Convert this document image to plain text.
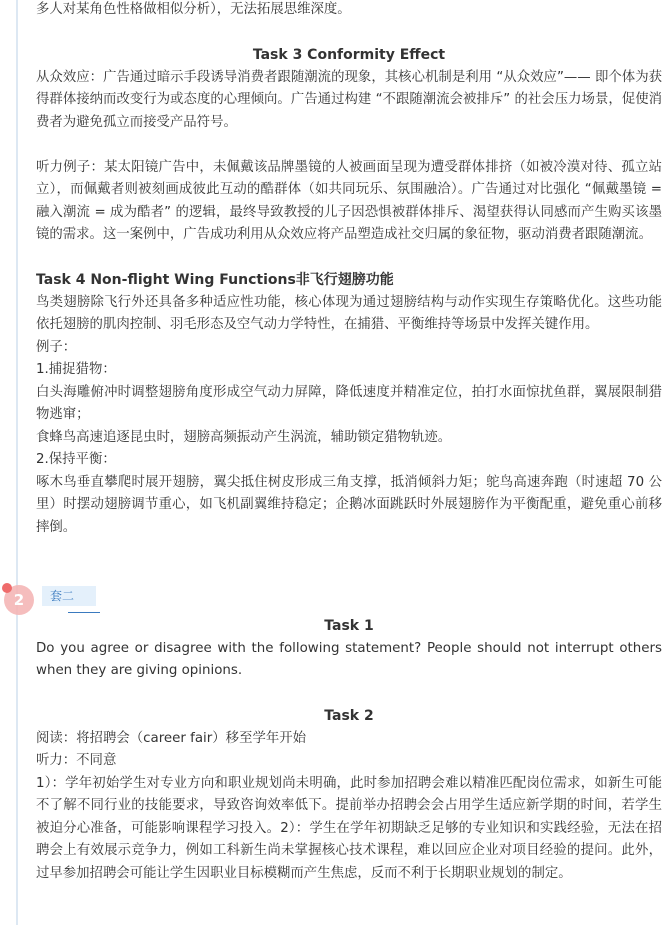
多人对某角色性格做相似分析），无法拓展思维深度。

Task 3 Conformity Effect

从众效应：广告通过暗示手段诱导消费者跟随潮流的现象，其核心机制是利用 “从众效应”—— 即个体为获得群体接纳而改变行为或态度的心理倾向。广告通过构建 “不跟随潮流会被排斥” 的社会压力场景，促使消费者为避免孤立而接受产品符号。

听力例子：某太阳镜广告中，未佩戴该品牌墨镜的人被画面呈现为遭受群体排挤（如被冷漠对待、孤立站立），而佩戴者则被刻画成彼此互动的酷群体（如共同玩乐、氛围融洽）。广告通过对比强化 “佩戴墨镜 = 融入潮流 = 成为酷者” 的逻辑，最终导致教授的儿子因恐惧被群体排斥、渴望获得认同感而产生购买该墨镜的需求。这一案例中，广告成功利用从众效应将产品塑造成社交归属的象征物，驱动消费者跟随潮流。

Task 4 Non-flight Wing Functions非飞行翅膀功能

鸟类翅膀除飞行外还具备多种适应性功能，核心体现为通过翅膀结构与动作实现生存策略优化。这些功能依托翅膀的肌肉控制、羽毛形态及空气动力学特性，在捕猎、平衡维持等场景中发挥关键作用。

例子：

1.捕捉猎物：

白头海雕俯冲时调整翅膀角度形成空气动力屏障，降低速度并精准定位，拍打水面惊扰鱼群，翼展限制猎物逃窜；

食蜂鸟高速追逐昆虫时，翅膀高频振动产生涡流，辅助锁定猎物轨迹。

2.保持平衡：

啄木鸟垂直攀爬时展开翅膀，翼尖抵住树皮形成三角支撑，抵消倾斜力矩；鸵鸟高速奔跑（时速超 70 公里）时摆动翅膀调节重心，如飞机副翼维持稳定；企鹅冰面跳跃时外展翅膀作为平衡配重，避免重心前移摔倒。

Task 1

Do you agree or disagree with the following statement? People should not interrupt others when they are giving opinions.

Task 2

阅读：将招聘会（career fair）移至学年开始

听力：不同意

1）：学年初始学生对专业方向和职业规划尚未明确，此时参加招聘会难以精准匹配岗位需求，如新生可能不了解不同行业的技能要求，导致咨询效率低下。提前举办招聘会会占用学生适应新学期的时间，若学生被迫分心准备，可能影响课程学习投入。2）：学生在学年初期缺乏足够的专业知识和实践经验，无法在招聘会上有效展示竞争力，例如工科新生尚未掌握核心技术课程，难以回应企业对项目经验的提问。此外，过早参加招聘会可能让学生因职业目标模糊而产生焦虑，反而不利于长期职业规划的制定。

2	套二
